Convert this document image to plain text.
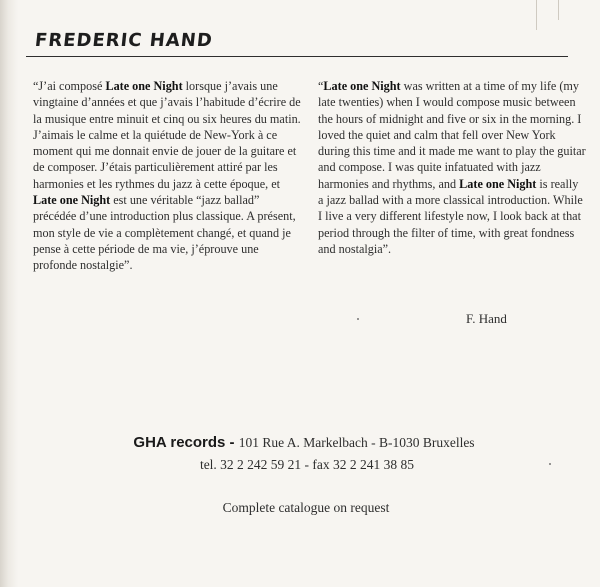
FREDERIC HAND

“J’ai composé Late one Night lorsque j’avais une vingtaine d’années et que j’avais l’habitude d’écrire de la musique entre minuit et cinq ou six heures du matin. J’aimais le calme et la quiétude de New-York à ce moment qui me donnait envie de jouer de la guitare et de composer. J’étais particulièrement attiré par les harmonies et les rythmes du jazz à cette époque, et Late one Night est une véritable “jazz ballad” précédée d’une introduction plus classique. A présent, mon style de vie a complètement changé, et quand je pense à cette période de ma vie, j’éprouve une profonde nostalgie”.

“Late one Night was written at a time of my life (my late twenties) when I would compose music between the hours of midnight and five or six in the morning. I loved the quiet and calm that fell over New York during this time and it made me want to play the guitar and compose. I was quite infatuated with jazz harmonies and rhythms, and Late one Night is really a jazz ballad with a more classical introduction. While I live a very different lifestyle now, I look back at that period through the filter of time, with great fondness and nostalgia”.

F. Hand
GHA records - 101 Rue A. Markelbach - B-1030 Bruxelles
tel. 32 2 242 59 21 - fax 32 2 241 38 85
Complete catalogue on request
